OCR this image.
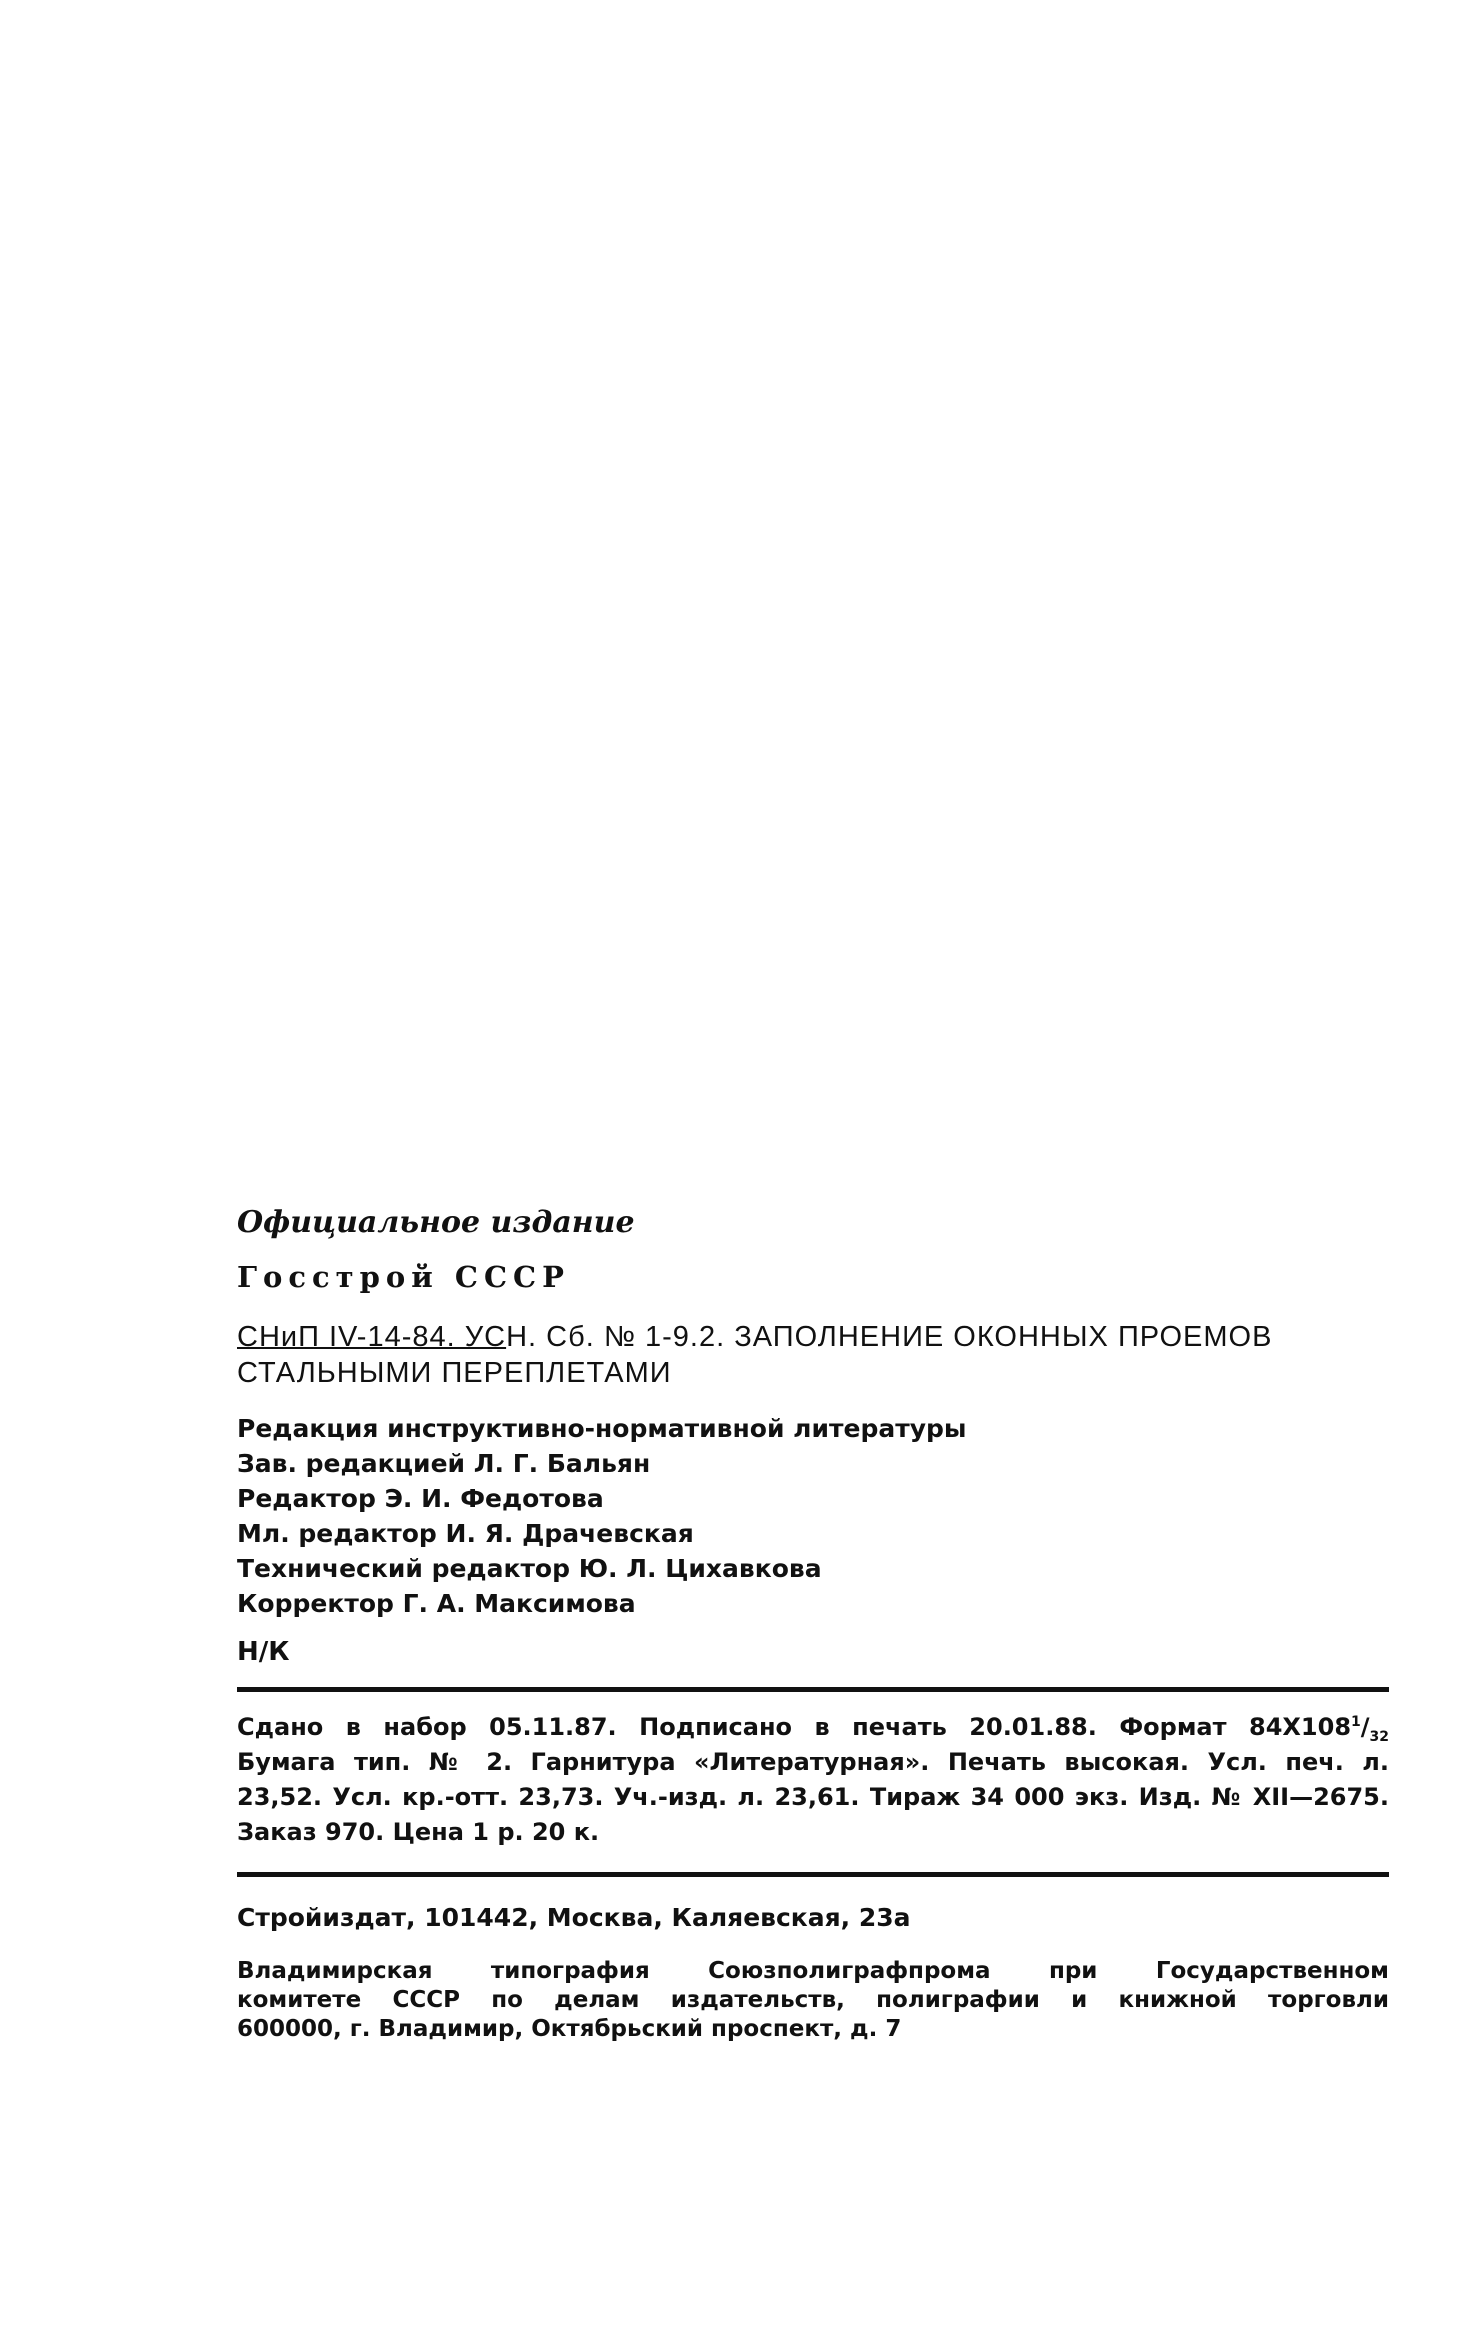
Официальное издание
Госстрой СССР
СНиП IV-14-84. УСН. Сб. № 1-9.2. ЗАПОЛНЕНИЕ ОКОННЫХ ПРОЕМОВ
СТАЛЬНЫМИ ПЕРЕПЛЕТАМИ
Редакция инструктивно-нормативной литературы
Зав. редакцией Л. Г. Бальян
Редактор Э. И. Федотова
Мл. редактор И. Я. Драчевская
Технический редактор Ю. Л. Цихавкова
Корректор Г. А. Максимова
Н/К
Сдано в набор 05.11.87. Подписано в печать 20.01.88. Формат $84X108^1/_{32}$
Бумага тип. № 2. Гарнитура «Литературная». Печать высокая. Усл. печ. л.
23,52. Усл. кр.-отт. 23,73. Уч.-изд. л. 23,61. Тираж 34 000 экз. Изд. № XII—2675.
Заказ 970. Цена 1 р. 20 к.
Стройиздат, 101442, Москва, Каляевская, 23а
Владимирская типография Союзполиграфпрома при Государственном
комитете СССР по делам издательств, полиграфии и книжной торговли
600000, г. Владимир, Октябрьский проспект, д. 7
